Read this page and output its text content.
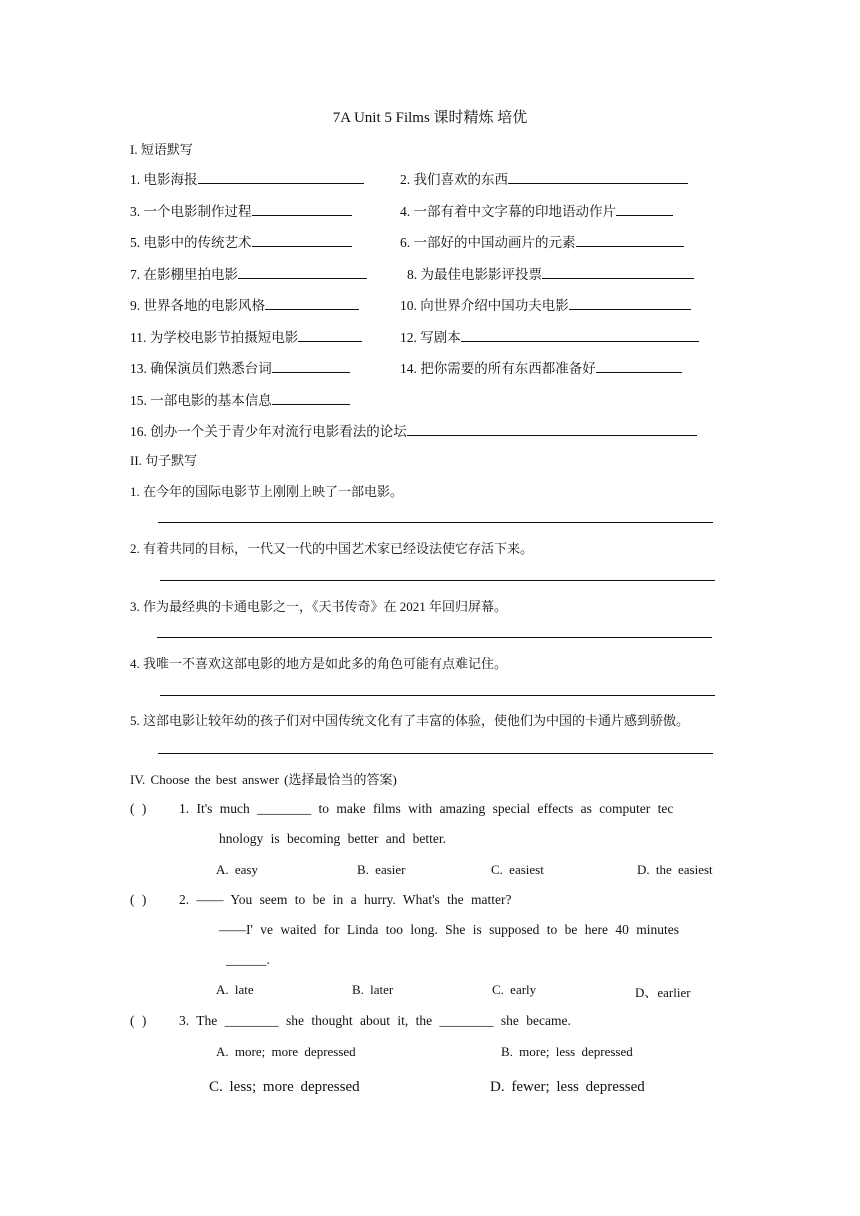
7A Unit 5 Films 课时精炼 培优
I. 短语默写
1. 电影海报	2. 我们喜欢的东西
3. 一个电影制作过程	4. 一部有着中文字幕的印地语动作片
5. 电影中的传统艺术	6. 一部好的中国动画片的元素
7. 在影棚里拍电影	8. 为最佳电影影评投票
9. 世界各地的电影风格	10. 向世界介绍中国功夫电影
11. 为学校电影节拍摄短电影	12. 写剧本
13. 确保演员们熟悉台词	14. 把你需要的所有东西都准备好
15. 一部电影的基本信息
16. 创办一个关于青少年对流行电影看法的论坛
II. 句子默写
1. 在今年的国际电影节上刚刚上映了一部电影。
2. 有着共同的目标，一代又一代的中国艺术家已经设法使它存活下来。
3. 作为最经典的卡通电影之一，《天书传奇》在 2021 年回归屏幕。
4. 我唯一不喜欢这部电影的地方是如此多的角色可能有点难记住。
5. 这部电影让较年幼的孩子们对中国传统文化有了丰富的体验，使他们为中国的卡通片感到骄傲。
IV. Choose the best answer (选择最恰当的答案)
( ) 1. It's much ________ to make films with amazing special effects as computer tec
hnology is becoming better and better.
A. easy	B. easier	C. easiest	D. the easiest
( ) 2. —— You seem to be in a hurry. What's the matter?
——I' ve waited for Linda too long. She is supposed to be here 40 minutes
______.
A. late	B. later	C. early	D、earlier
( ) 3. The ________ she thought about it, the ________ she became.
A. more; more depressed	B. more; less depressed
C. less; more depressed	D. fewer; less depressed
